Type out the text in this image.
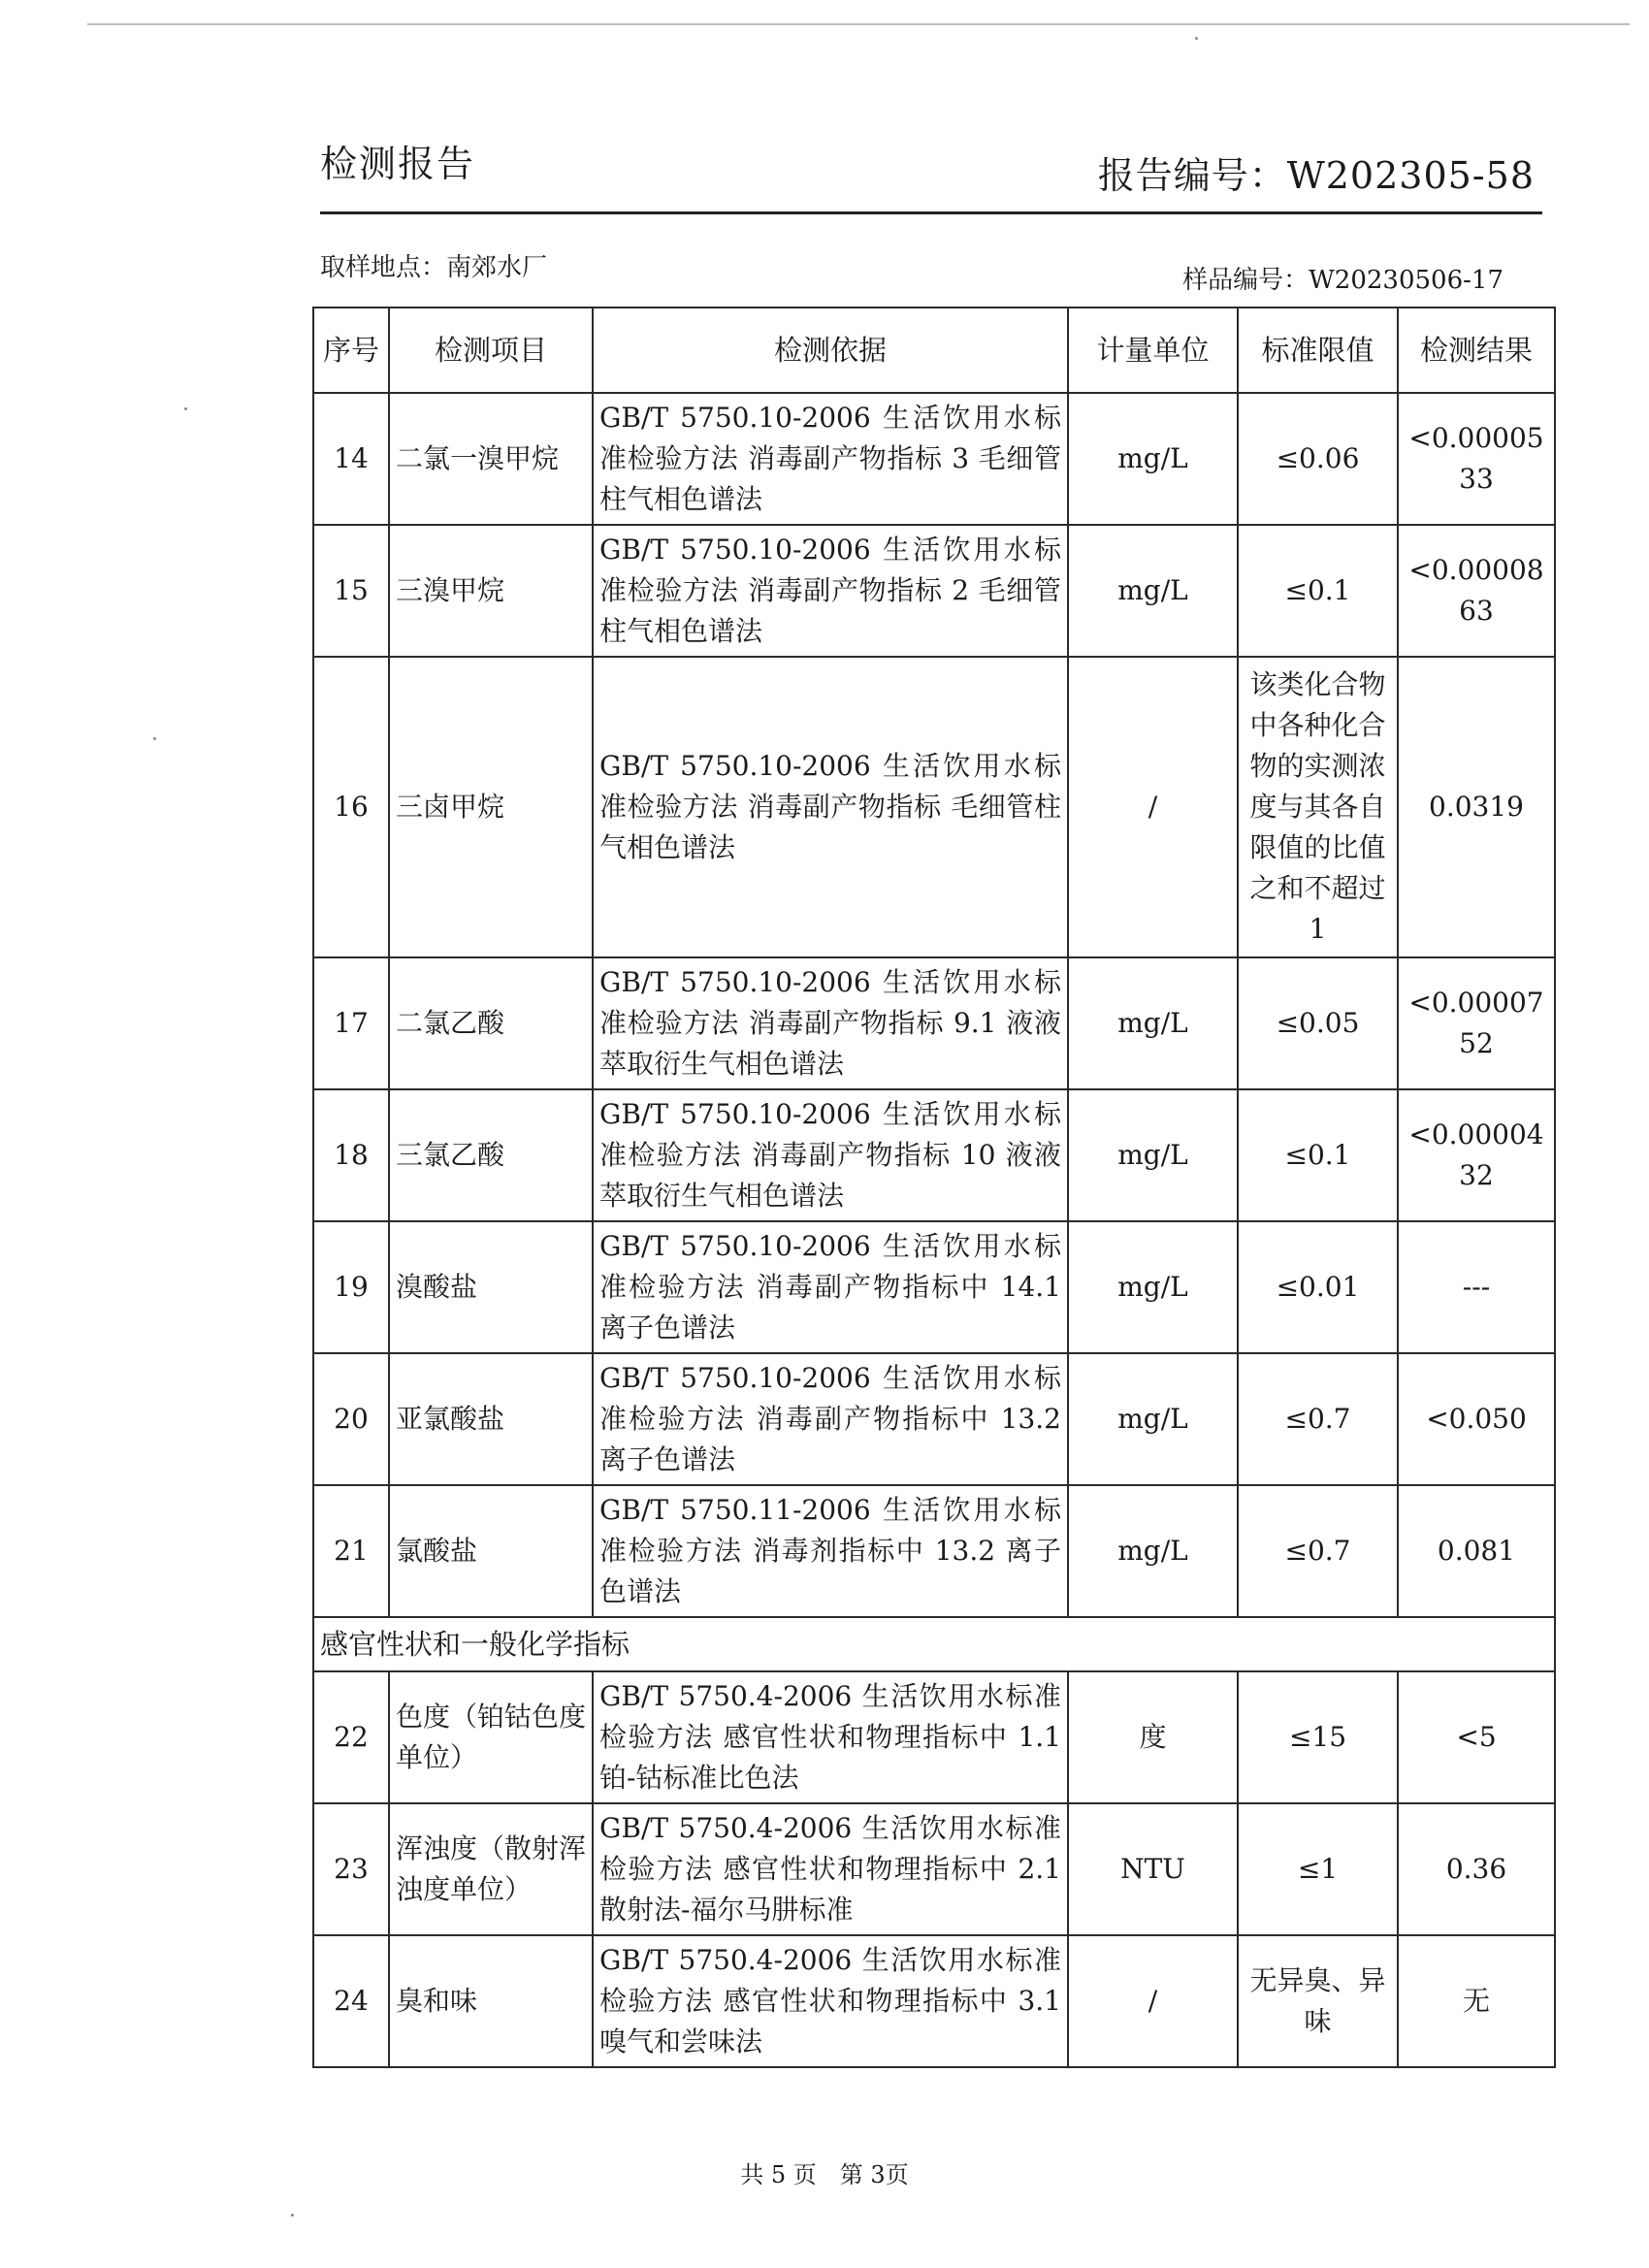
检测报告	报告编号：W202305-58
取样地点：南郊水厂	样品编号：W20230506-17
序号	检测项目	检测依据	计量单位	标准限值	检测结果
14	二氯一溴甲烷	GB/T 5750.10-2006 生活饮用水标准检验方法 消毒副产物指标 3 毛细管柱气相色谱法	mg/L	≤0.06	<0.0000533
15	三溴甲烷	GB/T 5750.10-2006 生活饮用水标准检验方法 消毒副产物指标 2 毛细管柱气相色谱法	mg/L	≤0.1	<0.0000863
16	三卤甲烷	GB/T 5750.10-2006 生活饮用水标准检验方法 消毒副产物指标 毛细管柱气相色谱法	/	该类化合物中各种化合物的实测浓度与其各自限值的比值之和不超过1	0.0319
17	二氯乙酸	GB/T 5750.10-2006 生活饮用水标准检验方法 消毒副产物指标 9.1 液液萃取衍生气相色谱法	mg/L	≤0.05	<0.0000752
18	三氯乙酸	GB/T 5750.10-2006 生活饮用水标准检验方法 消毒副产物指标 10 液液萃取衍生气相色谱法	mg/L	≤0.1	<0.0000432
19	溴酸盐	GB/T 5750.10-2006 生活饮用水标准检验方法 消毒副产物指标中 14.1 离子色谱法	mg/L	≤0.01	---
20	亚氯酸盐	GB/T 5750.10-2006 生活饮用水标准检验方法 消毒副产物指标中 13.2 离子色谱法	mg/L	≤0.7	<0.050
21	氯酸盐	GB/T 5750.11-2006 生活饮用水标准检验方法 消毒剂指标中 13.2 离子色谱法	mg/L	≤0.7	0.081
感官性状和一般化学指标					
22	色度（铂钴色度单位）	GB/T 5750.4-2006 生活饮用水标准检验方法 感官性状和物理指标中 1.1 铂-钴标准比色法	度	≤15	<5
23	浑浊度（散射浑浊度单位）	GB/T 5750.4-2006 生活饮用水标准检验方法 感官性状和物理指标中 2.1 散射法-福尔马肼标准	NTU	≤1	0.36
24	臭和味	GB/T 5750.4-2006 生活饮用水标准检验方法 感官性状和物理指标中 3.1 嗅气和尝味法	/	无异臭、异味	无
共 5 页　第 3页
